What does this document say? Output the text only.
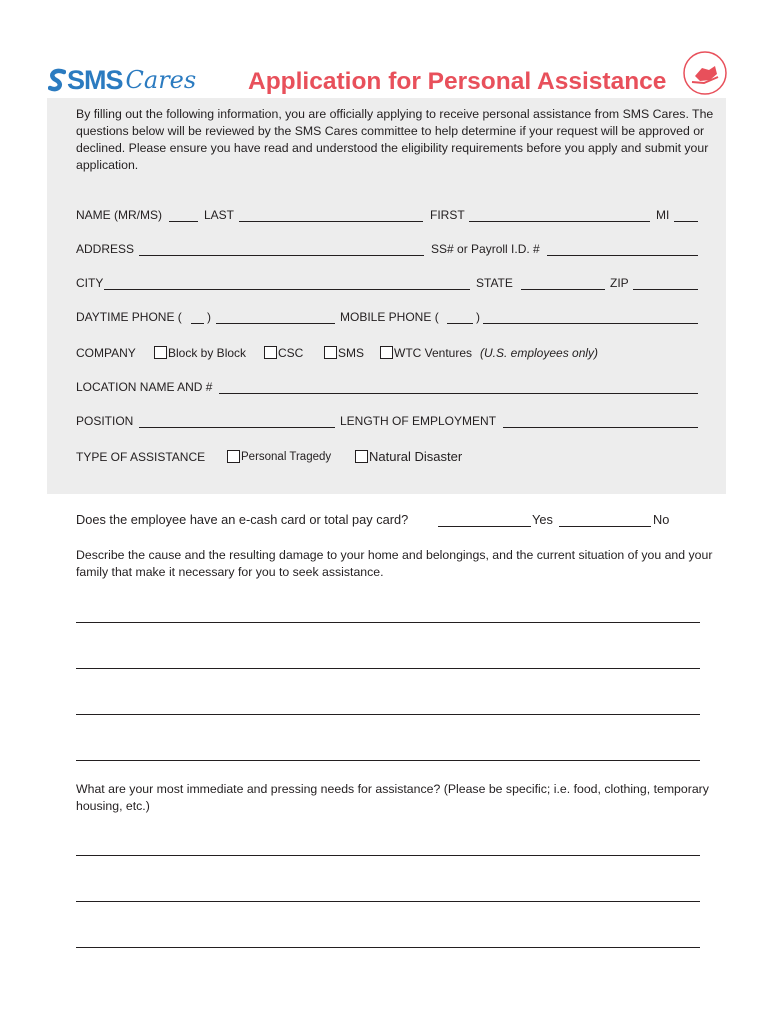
SMS Cares Application for Personal Assistance
By filling out the following information, you are officially applying to receive personal assistance from SMS Cares. The questions below will be reviewed by the SMS Cares committee to help determine if your request will be approved or declined. Please ensure you have read and understood the eligibility requirements before you apply and submit your application.
NAME (MR/MS)	LAST	FIRST	MI
ADDRESS	SS# or Payroll I.D. #
CITY	STATE	ZIP
DAYTIME PHONE ( )	MOBILE PHONE (	)
COMPANY	Block by Block	CSC	SMS WTC Ventures (U.S. employees only)
LOCATION NAME AND #
POSITION	LENGTH OF EMPLOYMENT
TYPE OF ASSISTANCE	Personal Tragedy	Natural Disaster
Does the employee have an e-cash card or total pay card?	Yes	No
Describe the cause and the resulting damage to your home and belongings, and the current situation of you and your family that make it necessary for you to seek assistance.
What are your most immediate and pressing needs for assistance? (Please be specific; i.e. food, clothing, temporary housing, etc.)
